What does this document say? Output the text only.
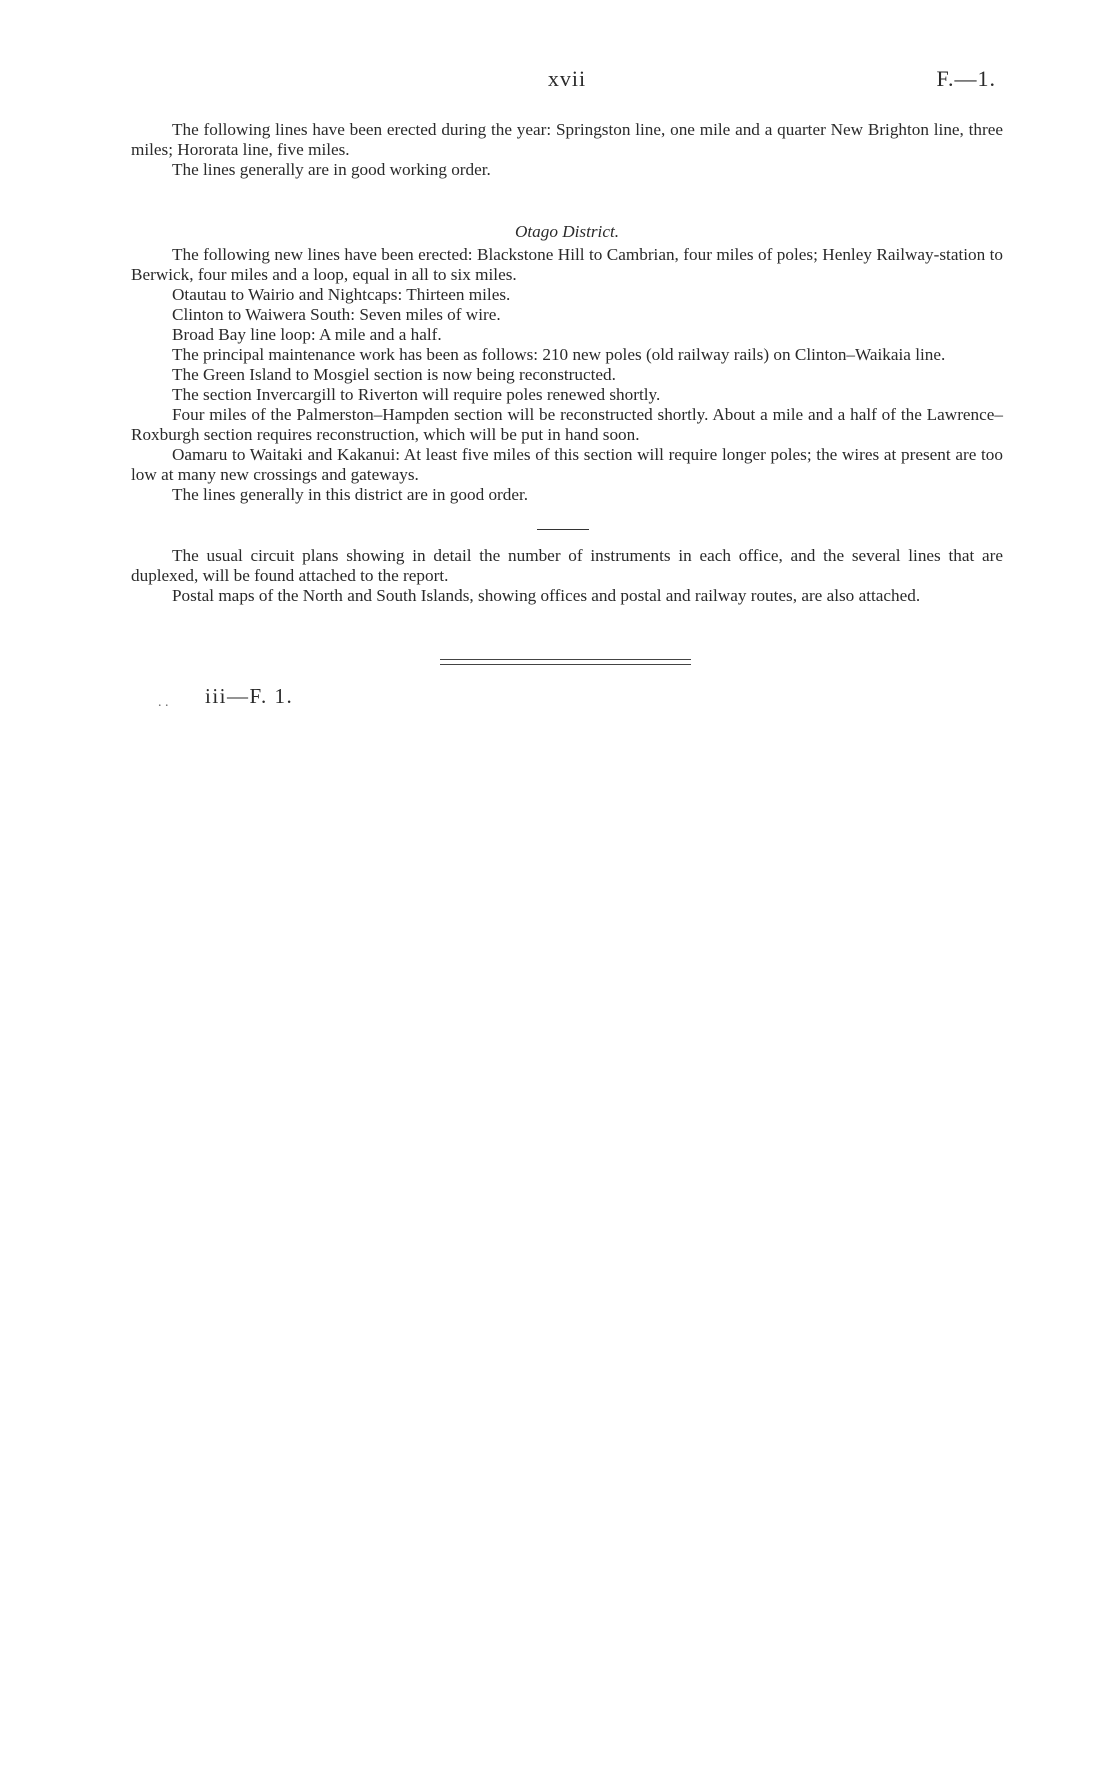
xvii	F.—1.

The following lines have been erected during the year: Springston line, one mile and a quarter New Brighton line, three miles; Hororata line, five miles.

The lines generally are in good working order.

Otago District.

The following new lines have been erected: Blackstone Hill to Cambrian, four miles of poles; Henley Railway-station to Berwick, four miles and a loop, equal in all to six miles.

Otautau to Wairio and Nightcaps: Thirteen miles.

Clinton to Waiwera South: Seven miles of wire.

Broad Bay line loop: A mile and a half.

The principal maintenance work has been as follows: 210 new poles (old railway rails) on Clinton–Waikaia line.

The Green Island to Mosgiel section is now being reconstructed.

The section Invercargill to Riverton will require poles renewed shortly.

Four miles of the Palmerston–Hampden section will be reconstructed shortly. About a mile and a half of the Lawrence–Roxburgh section requires reconstruction, which will be put in hand soon.

Oamaru to Waitaki and Kakanui: At least five miles of this section will require longer poles; the wires at present are too low at many new crossings and gateways.

The lines generally in this district are in good order.

The usual circuit plans showing in detail the number of instruments in each office, and the several lines that are duplexed, will be found attached to the report.

Postal maps of the North and South Islands, showing offices and postal and railway routes, are also attached.

. . iii—F. 1.
